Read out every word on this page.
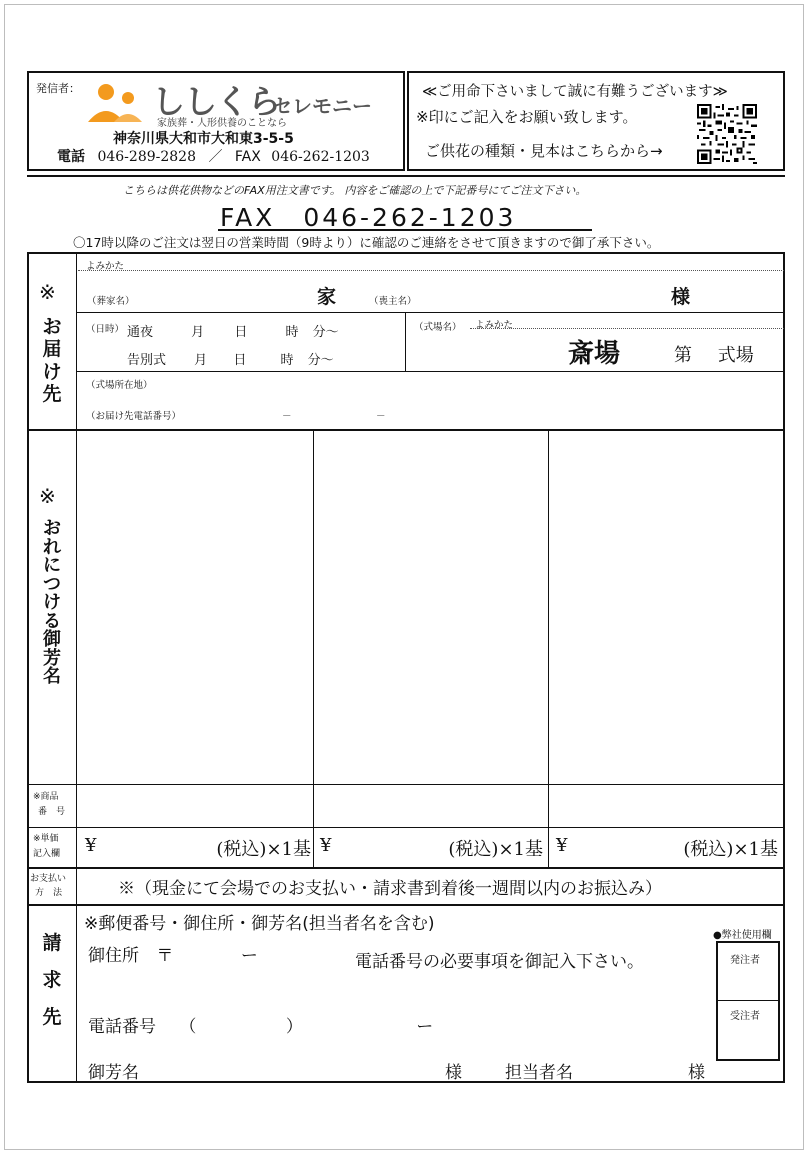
発信者： ししくら
セレモニー
家族葬・人形供養のことなら
神奈川県大和市大和東3-5-5
電話 046-289-2828 ／ FAX 046-262-1203
≪ご用命下さいまして誠に有難うございます≫
※印にご記入をお願い致します。
ご供花の種類・見本はこちらから→
こちらは供花供物などのFAX用注文書です。 内容をご確認の上で下記番号にてご注文下さい。
FAX　046-262-1203
〇17時以降のご注文は翌日の営業時間（9時より）に確認のご連絡をさせて頂きますので御了承下さい。
※
お
届
け
先
よみかた
（葬家名）	家	（喪主名）	様
（日時） 通夜	月 日	時 分～
告別式 月 日	時 分～
（式場名） よみかた
斎場	第 式場
（式場所在地）
（お届け先電話番号）	－	－
※
お
れ
に
つ
け
る
御
芳
名
※商品
番　号
※単価
記入欄 ¥	(税込)×1基 ¥	(税込)×1基 ¥	(税込)×1基
お支払い
方　法	※（現金にて会場でのお支払い・請求書到着後一週間以内のお振込み）
請
求
先
※郵便番号・御住所・御芳名(担当者名を含む)
御住所 〒	ー	電話番号の必要事項を御記入下さい。
電話番号 （	）	ー
御芳名	様	担当者名	様
●弊社使用欄
発注者
受注者
